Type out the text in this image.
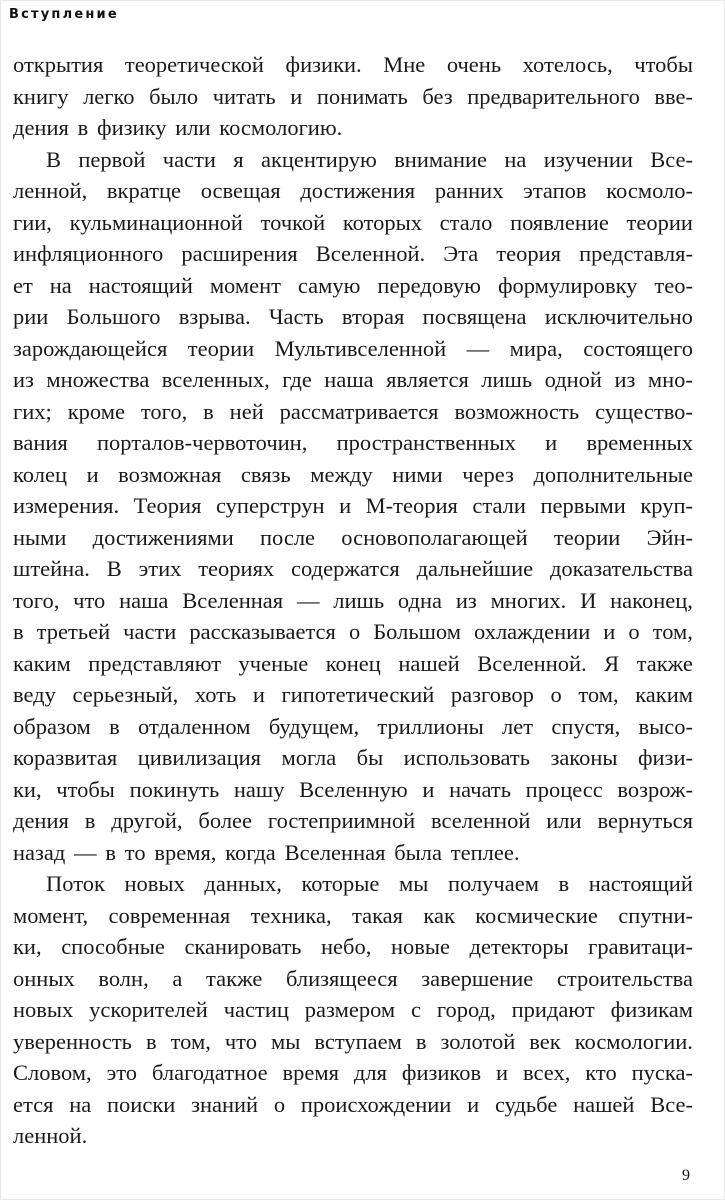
Вступление
открытия теоретической физики. Мне очень хотелось, чтобы
книгу легко было читать и понимать без предварительного вве-
дения в физику или космологию.
В первой части я акцентирую внимание на изучении Все-
ленной, вкратце освещая достижения ранних этапов космоло-
гии, кульминационной точкой которых стало появление теории
инфляционного расширения Вселенной. Эта теория представля-
ет на настоящий момент самую передовую формулировку тео-
рии Большого взрыва. Часть вторая посвящена исключительно
зарождающейся теории Мультивселенной — мира, состоящего
из множества вселенных, где наша является лишь одной из мно-
гих; кроме того, в ней рассматривается возможность существо-
вания порталов-червоточин, пространственных и временных
колец и возможная связь между ними через дополнительные
измерения. Теория суперструн и М-теория стали первыми круп-
ными достижениями после основополагающей теории Эйн-
штейна. В этих теориях содержатся дальнейшие доказательства
того, что наша Вселенная — лишь одна из многих. И наконец,
в третьей части рассказывается о Большом охлаждении и о том,
каким представляют ученые конец нашей Вселенной. Я также
веду серьезный, хоть и гипотетический разговор о том, каким
образом в отдаленном будущем, триллионы лет спустя, высо-
коразвитая цивилизация могла бы использовать законы физи-
ки, чтобы покинуть нашу Вселенную и начать процесс возрож-
дения в другой, более гостеприимной вселенной или вернуться
назад — в то время, когда Вселенная была теплее.
Поток новых данных, которые мы получаем в настоящий
момент, современная техника, такая как космические спутни-
ки, способные сканировать небо, новые детекторы гравитаци-
онных волн, а также близящееся завершение строительства
новых ускорителей частиц размером с город, придают физикам
уверенность в том, что мы вступаем в золотой век космологии.
Словом, это благодатное время для физиков и всех, кто пуска-
ется на поиски знаний о происхождении и судьбе нашей Все-
ленной.
9
